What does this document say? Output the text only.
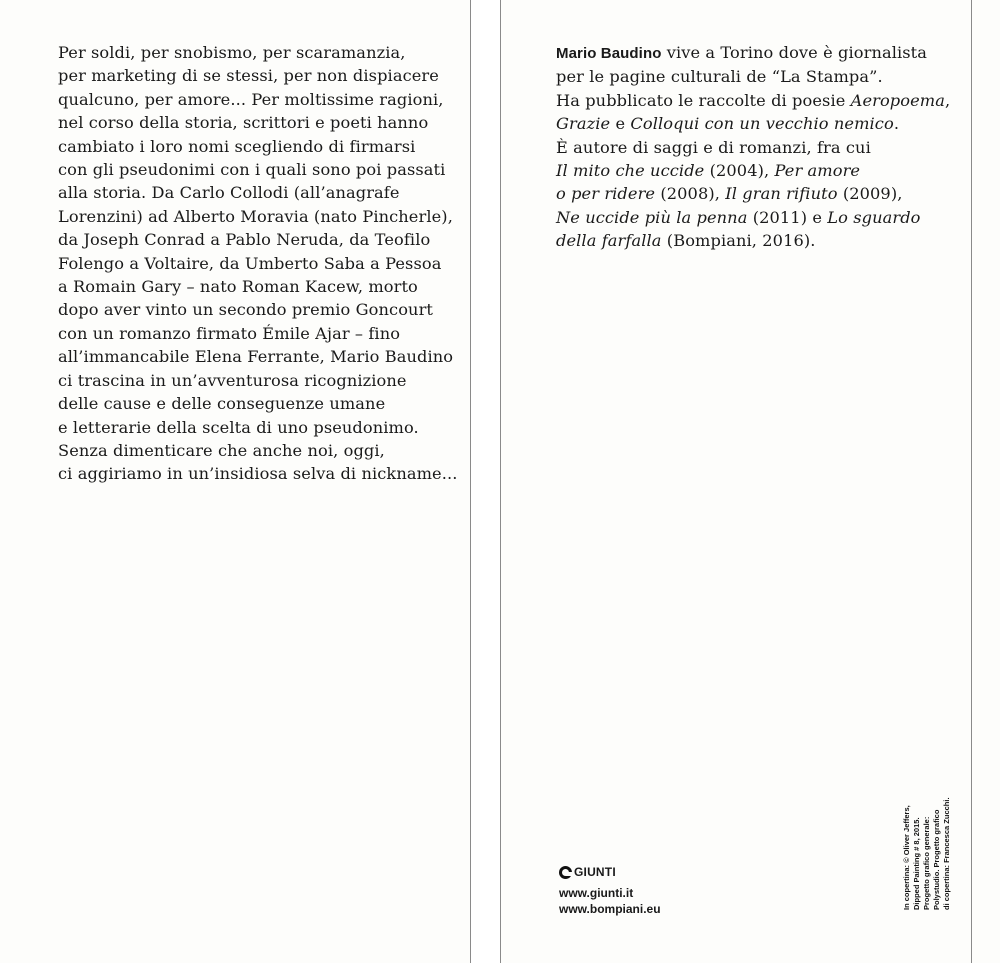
Per soldi, per snobismo, per scaramanzia,
per marketing di se stessi, per non dispiacere
qualcuno, per amore... Per moltissime ragioni,
nel corso della storia, scrittori e poeti hanno
cambiato i loro nomi scegliendo di firmarsi
con gli pseudonimi con i quali sono poi passati
alla storia. Da Carlo Collodi (all’anagrafe
Lorenzini) ad Alberto Moravia (nato Pincherle),
da Joseph Conrad a Pablo Neruda, da Teofilo
Folengo a Voltaire, da Umberto Saba a Pessoa
a Romain Gary – nato Roman Kacew, morto
dopo aver vinto un secondo premio Goncourt
con un romanzo firmato Émile Ajar – fino
all’immancabile Elena Ferrante, Mario Baudino
ci trascina in un’avventurosa ricognizione
delle cause e delle conseguenze umane
e letterarie della scelta di uno pseudonimo.
Senza dimenticare che anche noi, oggi,
ci aggiriamo in un’insidiosa selva di nickname...
Mario Baudino vive a Torino dove è giornalista
per le pagine culturali de “La Stampa”.
Ha pubblicato le raccolte di poesie Aeropoema,
Grazie e Colloqui con un vecchio nemico.
È autore di saggi e di romanzi, fra cui
Il mito che uccide (2004), Per amore
o per ridere (2008), Il gran rifiuto (2009),
Ne uccide più la penna (2011) e Lo sguardo
della farfalla (Bompiani, 2016).
GIUNTI
www.giunti.it
www.bompiani.eu	In copertina: © Oliver Jeffers, Dipped Painting # 8, 2015. Progetto grafico generale: Polystudio. Progetto grafico di copertina: Francesca Zucchi.
